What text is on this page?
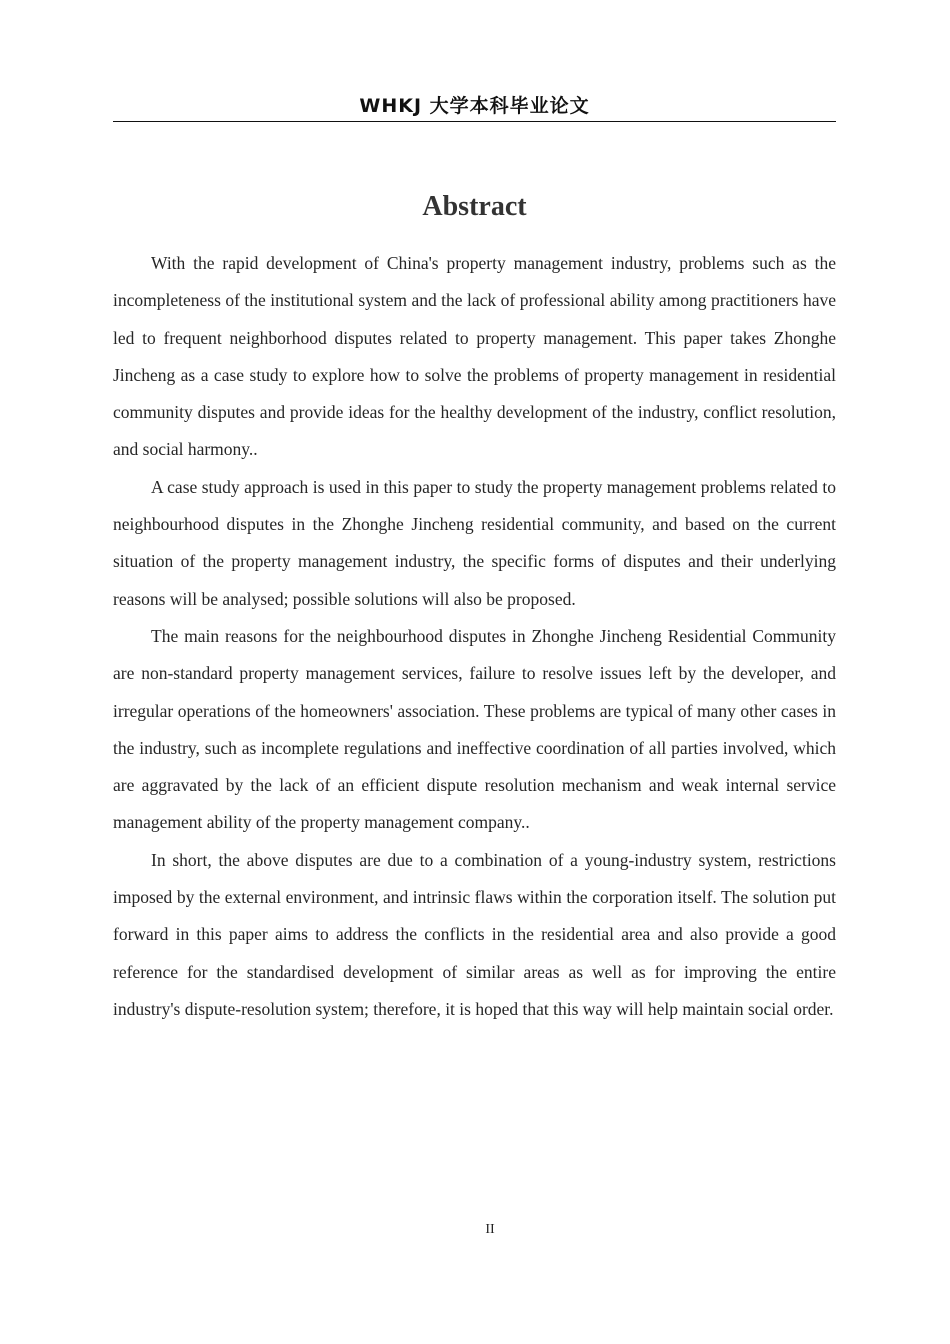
WHKJ 大学本科毕业论文
Abstract

With the rapid development of China's property management industry, problems such as the incompleteness of the institutional system and the lack of professional ability among practitioners have led to frequent neighborhood disputes related to property management. This paper takes Zhonghe Jincheng as a case study to explore how to solve the problems of property management in residential community disputes and provide ideas for the healthy development of the industry, conflict resolution, and social harmony..

A case study approach is used in this paper to study the property management problems related to neighbourhood disputes in the Zhonghe Jincheng residential community, and based on the current situation of the property management industry, the specific forms of disputes and their underlying reasons will be analysed; possible solutions will also be proposed.

The main reasons for the neighbourhood disputes in Zhonghe Jincheng Residential Community are non-standard property management services, failure to resolve issues left by the developer, and irregular operations of the homeowners' association. These problems are typical of many other cases in the industry, such as incomplete regulations and ineffective coordination of all parties involved, which are aggravated by the lack of an efficient dispute resolution mechanism and weak internal service management ability of the property management company..

In short, the above disputes are due to a combination of a young-industry system, restrictions imposed by the external environment, and intrinsic flaws within the corporation itself. The solution put forward in this paper aims to address the conflicts in the residential area and also provide a good reference for the standardised development of similar areas as well as for improving the entire industry's dispute-resolution system; therefore, it is hoped that this way will help maintain social order.

II
